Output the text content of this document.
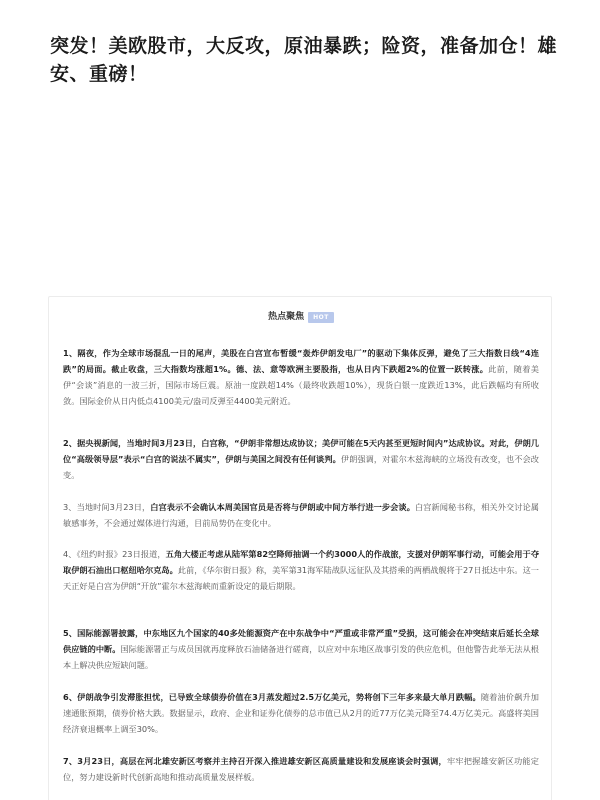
突发！美欧股市，大反攻，原油暴跌；险资，准备加仓！雄安、重磅！
热点聚焦 HOT

1、隔夜，作为全球市场混乱一日的尾声，美股在白宫宣布暂缓“轰炸伊朗发电厂”的驱动下集体反弹，避免了三大指数日线“4连跌”的局面。截止收盘，三大指数均涨超1%。德、法、意等欧洲主要股指，也从日内下跌超2%的位置一跃转涨。此前，随着美伊“会谈”消息的一波三折，国际市场巨震。原油一度跌超14%（最终收跌超10%），现货白银一度跌近13%，此后跌幅均有所收敛。国际金价从日内低点4100美元/盎司反弹至4400美元附近。

2、据央视新闻，当地时间3月23日，白宫称，“伊朗非常想达成协议；美伊可能在5天内甚至更短时间内”达成协议。对此，伊朗几位“高级领导层”表示“白宫的说法不属实”，伊朗与美国之间没有任何谈判。伊朗强调，对霍尔木兹海峡的立场没有改变，也不会改变。

3、当地时间3月23日，白宫表示不会确认本周美国官员是否将与伊朗或中间方举行进一步会谈。白宫新闻秘书称，相关外交讨论属敏感事务，不会通过媒体进行沟通，目前局势仍在变化中。

4、《纽约时报》23日报道，五角大楼正考虑从陆军第82空降师抽调一个约3000人的作战旅，支援对伊朗军事行动，可能会用于夺取伊朗石油出口枢纽哈尔克岛。此前，《华尔街日报》称，美军第31海军陆战队远征队及其搭乘的两栖战舰将于27日抵达中东。这一天正好是白宫为伊朗“开放”霍尔木兹海峡而重新设定的最后期限。

5、国际能源署披露，中东地区九个国家的40多处能源资产在中东战争中“严重或非常严重”受损，这可能会在冲突结束后延长全球供应链的中断。国际能源署正与成员国就再度释放石油储备进行磋商，以应对中东地区战事引发的供应危机，但他警告此举无法从根本上解决供应短缺问题。

6、伊朗战争引发滞胀担忧，已导致全球债券价值在3月蒸发超过2.5万亿美元，势将创下三年多来最大单月跌幅。随着油价飙升加速通胀预期，债券价格大跌。数据显示，政府、企业和证券化债券的总市值已从2月的近77万亿美元降至74.4万亿美元。高盛将美国经济衰退概率上调至30%。

7、3月23日，高层在河北雄安新区考察并主持召开深入推进雄安新区高质量建设和发展座谈会时强调，牢牢把握雄安新区功能定位，努力建设新时代创新高地和推动高质量发展样板。
